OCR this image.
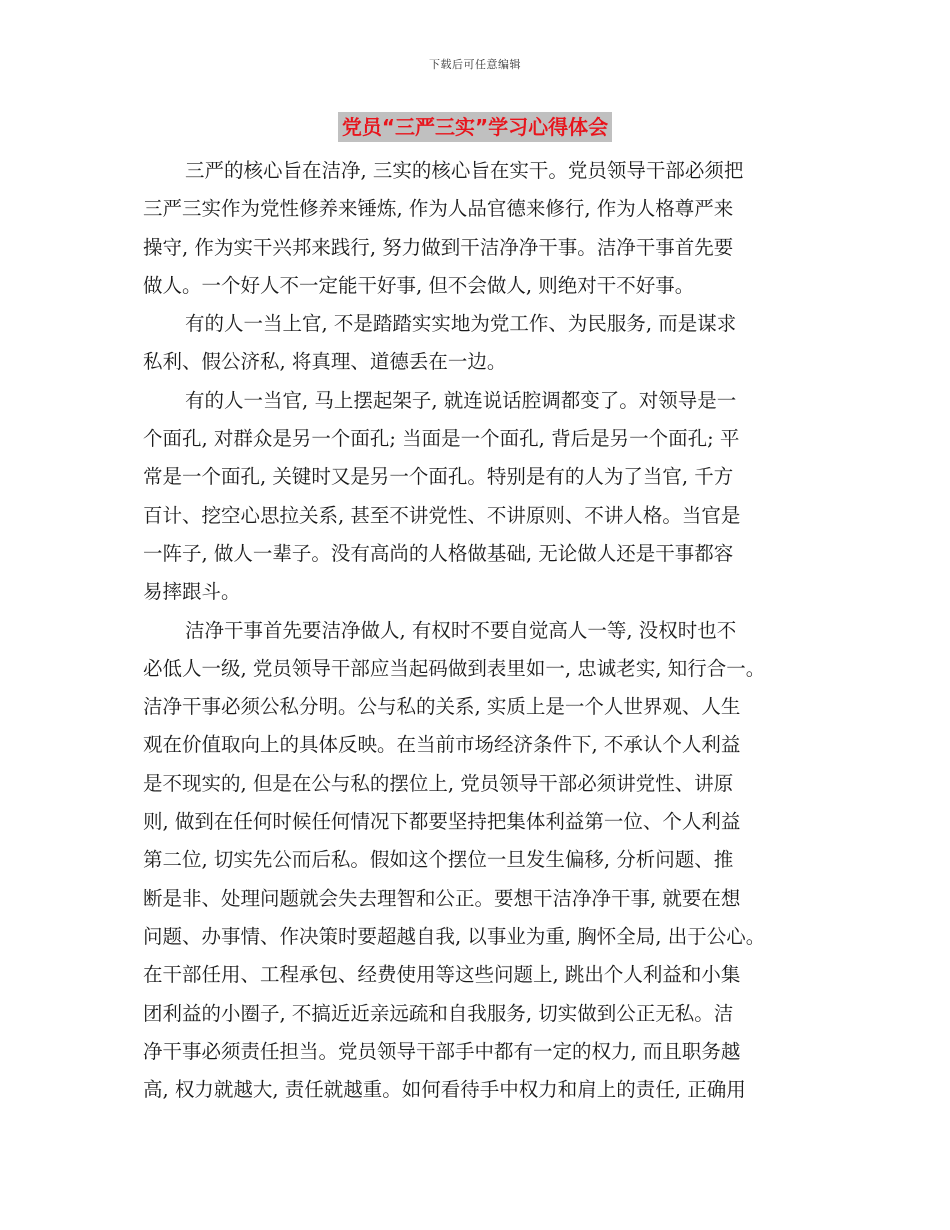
下载后可任意编辑
党员“三严三实”学习心得体会
三严的核心旨在洁净, 三实的核心旨在实干。党员领导干部必须把
三严三实作为党性修养来锤炼, 作为人品官德来修行, 作为人格尊严来
操守, 作为实干兴邦来践行, 努力做到干洁净净干事。洁净干事首先要
做人。一个好人不一定能干好事, 但不会做人, 则绝对干不好事。
有的人一当上官, 不是踏踏实实地为党工作、为民服务, 而是谋求
私利、假公济私, 将真理、道德丢在一边。
有的人一当官, 马上摆起架子, 就连说话腔调都变了。对领导是一
个面孔, 对群众是另一个面孔; 当面是一个面孔, 背后是另一个面孔; 平
常是一个面孔, 关键时又是另一个面孔。特别是有的人为了当官, 千方
百计、挖空心思拉关系, 甚至不讲党性、不讲原则、不讲人格。当官是
一阵子, 做人一辈子。没有高尚的人格做基础, 无论做人还是干事都容
易摔跟斗。
洁净干事首先要洁净做人, 有权时不要自觉高人一等, 没权时也不
必低人一级, 党员领导干部应当起码做到表里如一, 忠诚老实, 知行合一。
洁净干事必须公私分明。公与私的关系, 实质上是一个人世界观、人生
观在价值取向上的具体反映。在当前市场经济条件下, 不承认个人利益
是不现实的, 但是在公与私的摆位上, 党员领导干部必须讲党性、讲原
则, 做到在任何时候任何情况下都要坚持把集体利益第一位、个人利益
第二位, 切实先公而后私。假如这个摆位一旦发生偏移, 分析问题、推
断是非、处理问题就会失去理智和公正。要想干洁净净干事, 就要在想
问题、办事情、作决策时要超越自我, 以事业为重, 胸怀全局, 出于公心。
在干部任用、工程承包、经费使用等这些问题上, 跳出个人利益和小集
团利益的小圈子, 不搞近近亲远疏和自我服务, 切实做到公正无私。洁
净干事必须责任担当。党员领导干部手中都有一定的权力, 而且职务越
高, 权力就越大, 责任就越重。如何看待手中权力和肩上的责任, 正确用
